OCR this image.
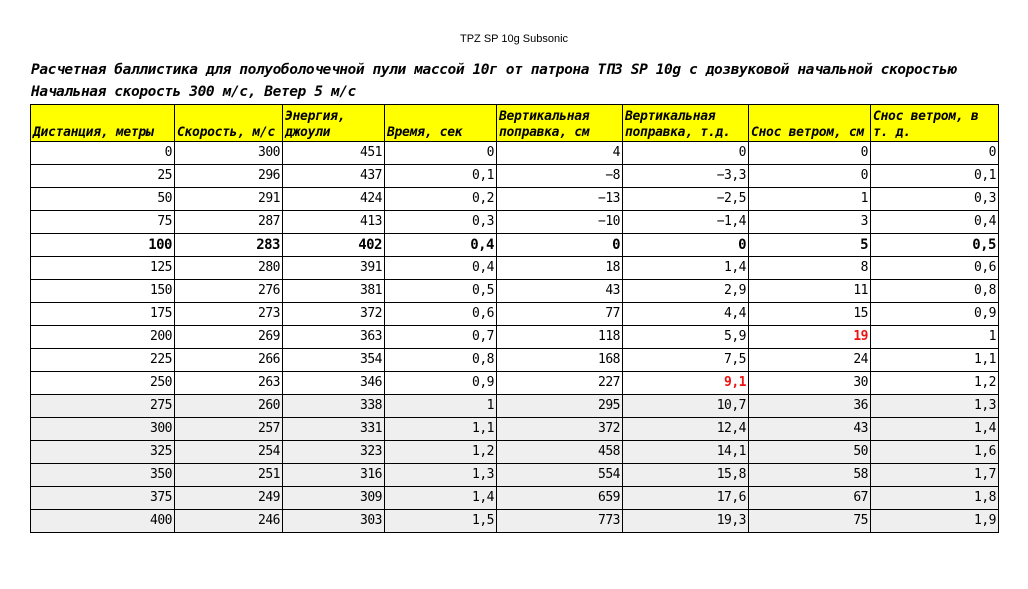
TPZ SP 10g Subsonic
Расчетная баллистика для полуоболочечной пули массой 10г от патрона ТПЗ SP 10g с дозвуковой начальной скоростью
Начальная скорость 300 м/с, Ветер 5 м/с
Дистанция, метры	Скорость, м/с	Энергия, джоули	Время, сек	Вертикальная поправка, см	Вертикальная поправка, т.д.	Снос ветром, см	Снос ветром, в т. д.
0	300	451	0	4	0	0	0
25	296	437	0,1	−8	−3,3	0	0,1
50	291	424	0,2	−13	−2,5	1	0,3
75	287	413	0,3	−10	−1,4	3	0,4
100	283	402	0,4	0	0	5	0,5
125	280	391	0,4	18	1,4	8	0,6
150	276	381	0,5	43	2,9	11	0,8
175	273	372	0,6	77	4,4	15	0,9
200	269	363	0,7	118	5,9	19	1
225	266	354	0,8	168	7,5	24	1,1
250	263	346	0,9	227	9,1	30	1,2
275	260	338	1	295	10,7	36	1,3
300	257	331	1,1	372	12,4	43	1,4
325	254	323	1,2	458	14,1	50	1,6
350	251	316	1,3	554	15,8	58	1,7
375	249	309	1,4	659	17,6	67	1,8
400	246	303	1,5	773	19,3	75	1,9
